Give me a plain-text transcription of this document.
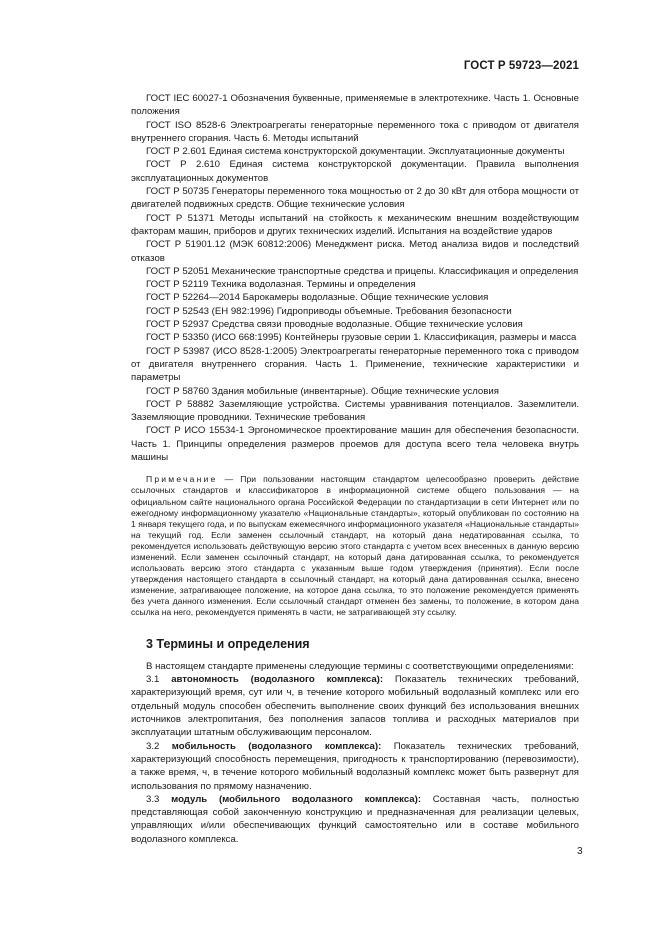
ГОСТ Р 59723—2021

ГОСТ IEC 60027-1 Обозначения буквенные, применяемые в электротехнике. Часть 1. Основные положения

ГОСТ ISO 8528-6 Электроагрегаты генераторные переменного тока с приводом от двигателя внутреннего сгорания. Часть 6. Методы испытаний

ГОСТ Р 2.601 Единая система конструкторской документации. Эксплуатационные документы

ГОСТ Р 2.610 Единая система конструкторской документации. Правила выполнения эксплуатационных документов

ГОСТ Р 50735 Генераторы переменного тока мощностью от 2 до 30 кВт для отбора мощности от двигателей подвижных средств. Общие технические условия

ГОСТ Р 51371 Методы испытаний на стойкость к механическим внешним воздействующим факторам машин, приборов и других технических изделий. Испытания на воздействие ударов

ГОСТ Р 51901.12 (МЭК 60812:2006) Менеджмент риска. Метод анализа видов и последствий отказов

ГОСТ Р 52051 Механические транспортные средства и прицепы. Классификация и определения

ГОСТ Р 52119 Техника водолазная. Термины и определения

ГОСТ Р 52264—2014 Барокамеры водолазные. Общие технические условия

ГОСТ Р 52543 (ЕН 982:1996) Гидроприводы объемные. Требования безопасности

ГОСТ Р 52937 Средства связи проводные водолазные. Общие технические условия

ГОСТ Р 53350 (ИСО 668:1995) Контейнеры грузовые серии 1. Классификация, размеры и масса

ГОСТ Р 53987 (ИСО 8528-1:2005) Электроагрегаты генераторные переменного тока с приводом от двигателя внутреннего сгорания. Часть 1. Применение, технические характеристики и параметры

ГОСТ Р 58760 Здания мобильные (инвентарные). Общие технические условия

ГОСТ Р 58882 Заземляющие устройства. Системы уравнивания потенциалов. Заземлители. Заземляющие проводники. Технические требования

ГОСТ Р ИСО 15534-1 Эргономическое проектирование машин для обеспечения безопасности. Часть 1. Принципы определения размеров проемов для доступа всего тела человека внутрь машины

Примечание — При пользовании настоящим стандартом целесообразно проверить действие ссылочных стандартов и классификаторов в информационной системе общего пользования — на официальном сайте национального органа Российской Федерации по стандартизации в сети Интернет или по ежегодному информационному указателю «Национальные стандарты», который опубликован по состоянию на 1 января текущего года, и по выпускам ежемесячного информационного указателя «Национальные стандарты» на текущий год. Если заменен ссылочный стандарт, на который дана недатированная ссылка, то рекомендуется использовать действующую версию этого стандарта с учетом всех внесенных в данную версию изменений. Если заменен ссылочный стандарт, на который дана датированная ссылка, то рекомендуется использовать версию этого стандарта с указанным выше годом утверждения (принятия). Если после утверждения настоящего стандарта в ссылочный стандарт, на который дана датированная ссылка, внесено изменение, затрагивающее положение, на которое дана ссылка, то это положение рекомендуется применять без учета данного изменения. Если ссылочный стандарт отменен без замены, то положение, в котором дана ссылка на него, рекомендуется применять в части, не затрагивающей эту ссылку.

3 Термины и определения

В настоящем стандарте применены следующие термины с соответствующими определениями:

3.1 автономность (водолазного комплекса): Показатель технических требований, характеризующий время, сут или ч, в течение которого мобильный водолазный комплекс или его отдельный модуль способен обеспечить выполнение своих функций без использования внешних источников электропитания, без пополнения запасов топлива и расходных материалов при эксплуатации штатным обслуживающим персоналом.

3.2 мобильность (водолазного комплекса): Показатель технических требований, характеризующий способность перемещения, пригодность к транспортированию (перевозимости), а также время, ч, в течение которого мобильный водолазный комплекс может быть развернут для использования по прямому назначению.

3.3 модуль (мобильного водолазного комплекса): Составная часть, полностью представляющая собой законченную конструкцию и предназначенная для реализации целевых, управляющих и/или обеспечивающих функций самостоятельно или в составе мобильного водолазного комплекса.

3
